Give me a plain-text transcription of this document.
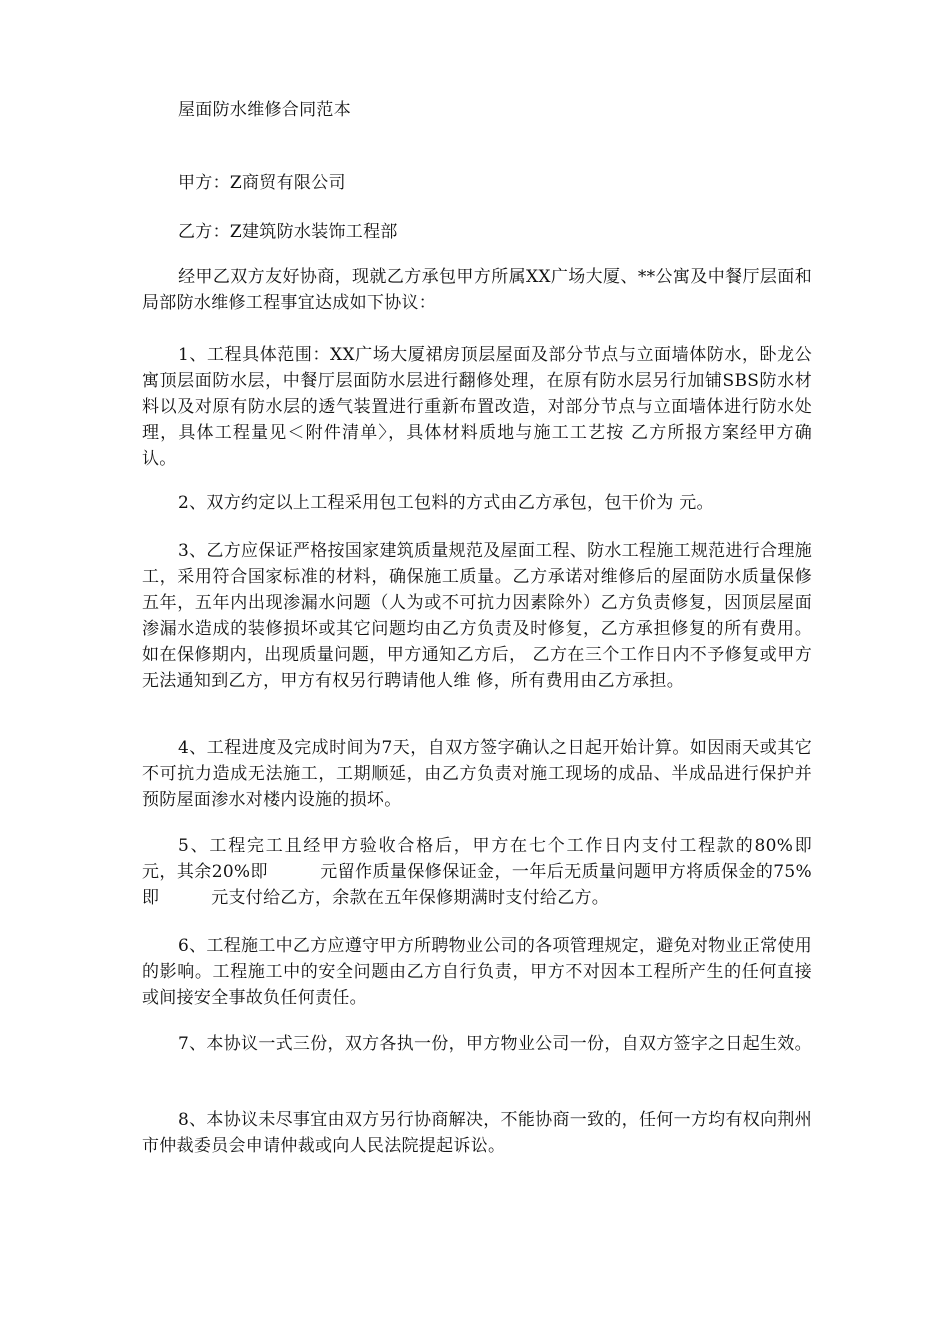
屋面防水维修合同范本
甲方：Z商贸有限公司
乙方：Z建筑防水装饰工程部
经甲乙双方友好协商，现就乙方承包甲方所属XX广场大厦、**公寓及中餐厅层面和局部防水维修工程事宜达成如下协议：
1、工程具体范围：XX广场大厦裙房顶层屋面及部分节点与立面墙体防水，卧龙公寓顶层面防水层，中餐厅层面防水层进行翻修处理，在原有防水层另行加铺SBS防水材料以及对原有防水层的透气装置进行重新布置改造，对部分节点与立面墙体进行防水处理，具体工程量见＜附件清单〉，具体材料质地与施工工艺按 乙方所报方案经甲方确认。
2、双方约定以上工程采用包工包料的方式由乙方承包，包干价为 元。
3、乙方应保证严格按国家建筑质量规范及屋面工程、防水工程施工规范进行合理施工，采用符合国家标准的材料，确保施工质量。乙方承诺对维修后的屋面防水质量保修五年，五年内出现渗漏水问题（人为或不可抗力因素除外）乙方负责修复，因顶层屋面渗漏水造成的装修损坏或其它问题均由乙方负责及时修复，乙方承担修复的所有费用。如在保修期内，出现质量问题，甲方通知乙方后， 乙方在三个工作日内不予修复或甲方无法通知到乙方，甲方有权另行聘请他人维 修，所有费用由乙方承担。
4、工程进度及完成时间为7天，自双方签字确认之日起开始计算。如因雨天或其它不可抗力造成无法施工，工期顺延，由乙方负责对施工现场的成品、半成品进行保护并预防屋面渗水对楼内设施的损坏。
5、工程完工且经甲方验收合格后，甲方在七个工作日内支付工程款的80%即　　元，其余20%即　　　元留作质量保修保证金，一年后无质量问题甲方将质保金的75%即　　　元支付给乙方，余款在五年保修期满时支付给乙方。
6、工程施工中乙方应遵守甲方所聘物业公司的各项管理规定，避免对物业正常使用的影响。工程施工中的安全问题由乙方自行负责，甲方不对因本工程所产生的任何直接或间接安全事故负任何责任。
7、本协议一式三份，双方各执一份，甲方物业公司一份，自双方签字之日起生效。
8、本协议未尽事宜由双方另行协商解决，不能协商一致的，任何一方均有权向荆州市仲裁委员会申请仲裁或向人民法院提起诉讼。
